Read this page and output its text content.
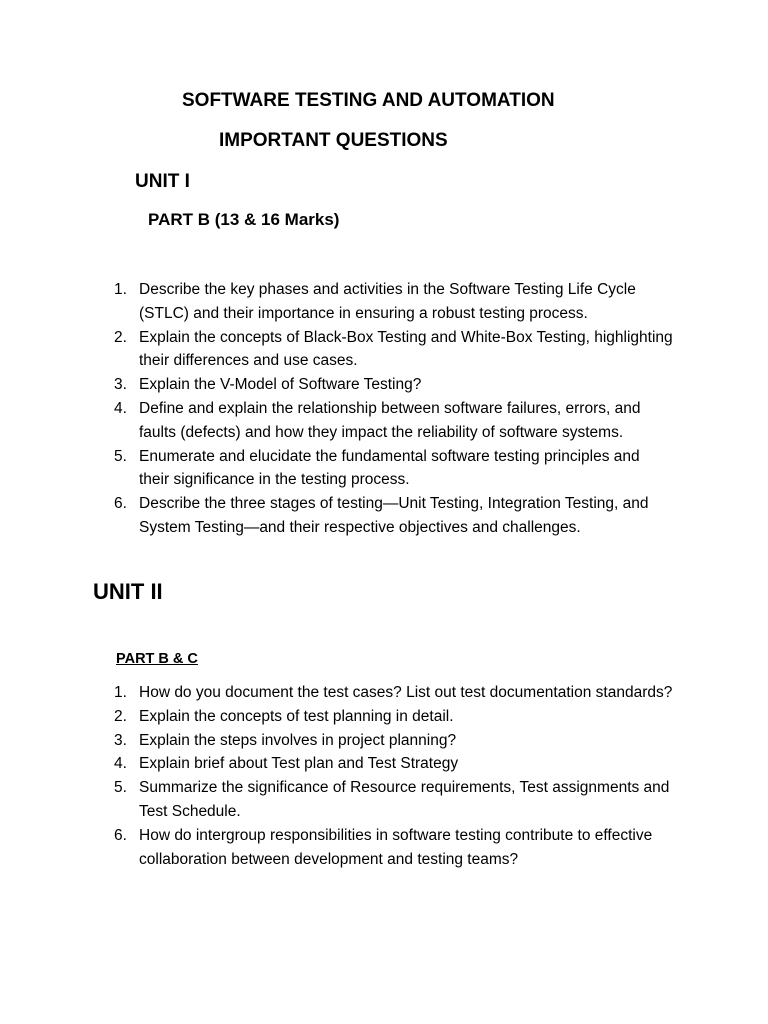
SOFTWARE TESTING AND AUTOMATION
IMPORTANT QUESTIONS
UNIT I
PART B (13 & 16 Marks)
1. Describe the key phases and activities in the Software Testing Life Cycle (STLC) and their importance in ensuring a robust testing process.
2. Explain the concepts of Black-Box Testing and White-Box Testing, highlighting their differences and use cases.
3. Explain the V-Model of Software Testing?
4. Define and explain the relationship between software failures, errors, and faults (defects) and how they impact the reliability of software systems.
5. Enumerate and elucidate the fundamental software testing principles and their significance in the testing process.
6. Describe the three stages of testing—Unit Testing, Integration Testing, and System Testing—and their respective objectives and challenges.
UNIT II
PART B & C
1. How do you document the test cases? List out test documentation standards?
2. Explain the concepts of test planning in detail.
3. Explain the steps involves in project planning?
4. Explain brief about Test plan and Test Strategy
5. Summarize the significance of Resource requirements, Test assignments and Test Schedule.
6. How do intergroup responsibilities in software testing contribute to effective collaboration between development and testing teams?
